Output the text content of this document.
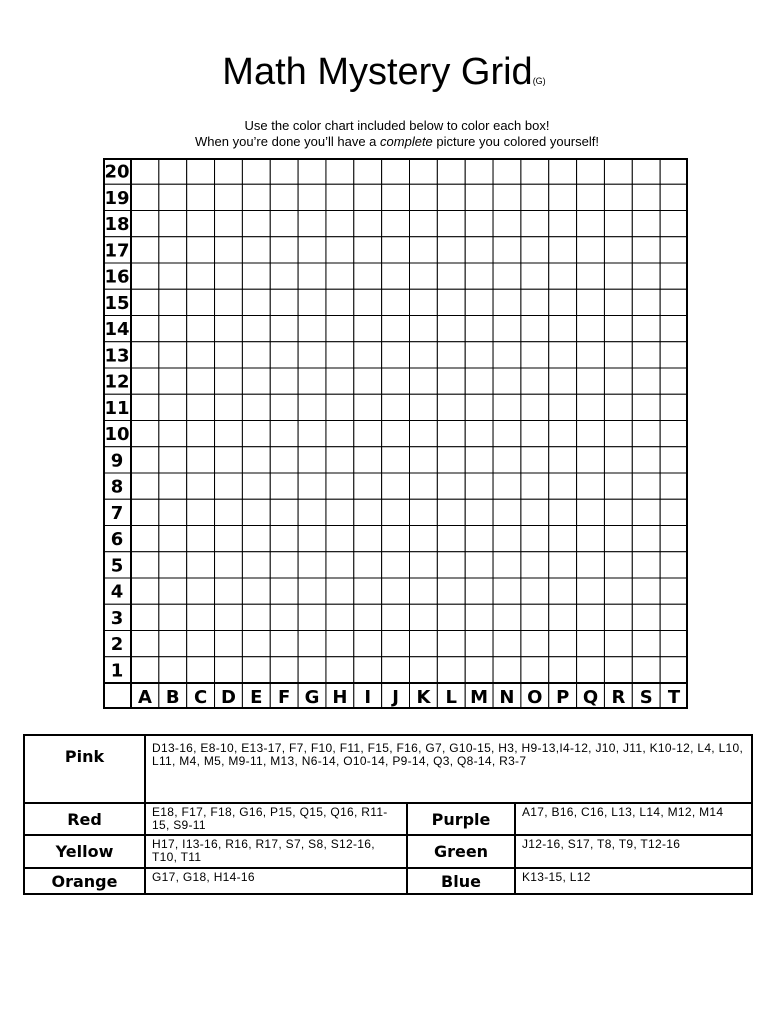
Math Mystery Grid(G)
Use the color chart included below to color each box!
When you’re done you’ll have a complete picture you colored yourself!
20
19
18
17
16
15
14
13
12
11
10
9
8
7
6
5
4
3
2
1
A B C D E F G H I J K L M N O P Q R S T
Pink	D13-16, E8-10, E13-17, F7, F10, F11, F15, F16, G7, G10-15, H3, H9-13,I4-12, J10, J11, K10-12, L4, L10, L11, M4, M5, M9-11, M13, N6-14, O10-14, P9-14, Q3, Q8-14, R3-7		
Red	E18, F17, F18, G16, P15, Q15, Q16, R11-15, S9-11	Purple	A17, B16, C16, L13, L14, M12, M14
Yellow	H17, I13-16, R16, R17, S7, S8, S12-16, T10, T11	Green	J12-16, S17, T8, T9, T12-16
Orange	G17, G18, H14-16	Blue	K13-15, L12
